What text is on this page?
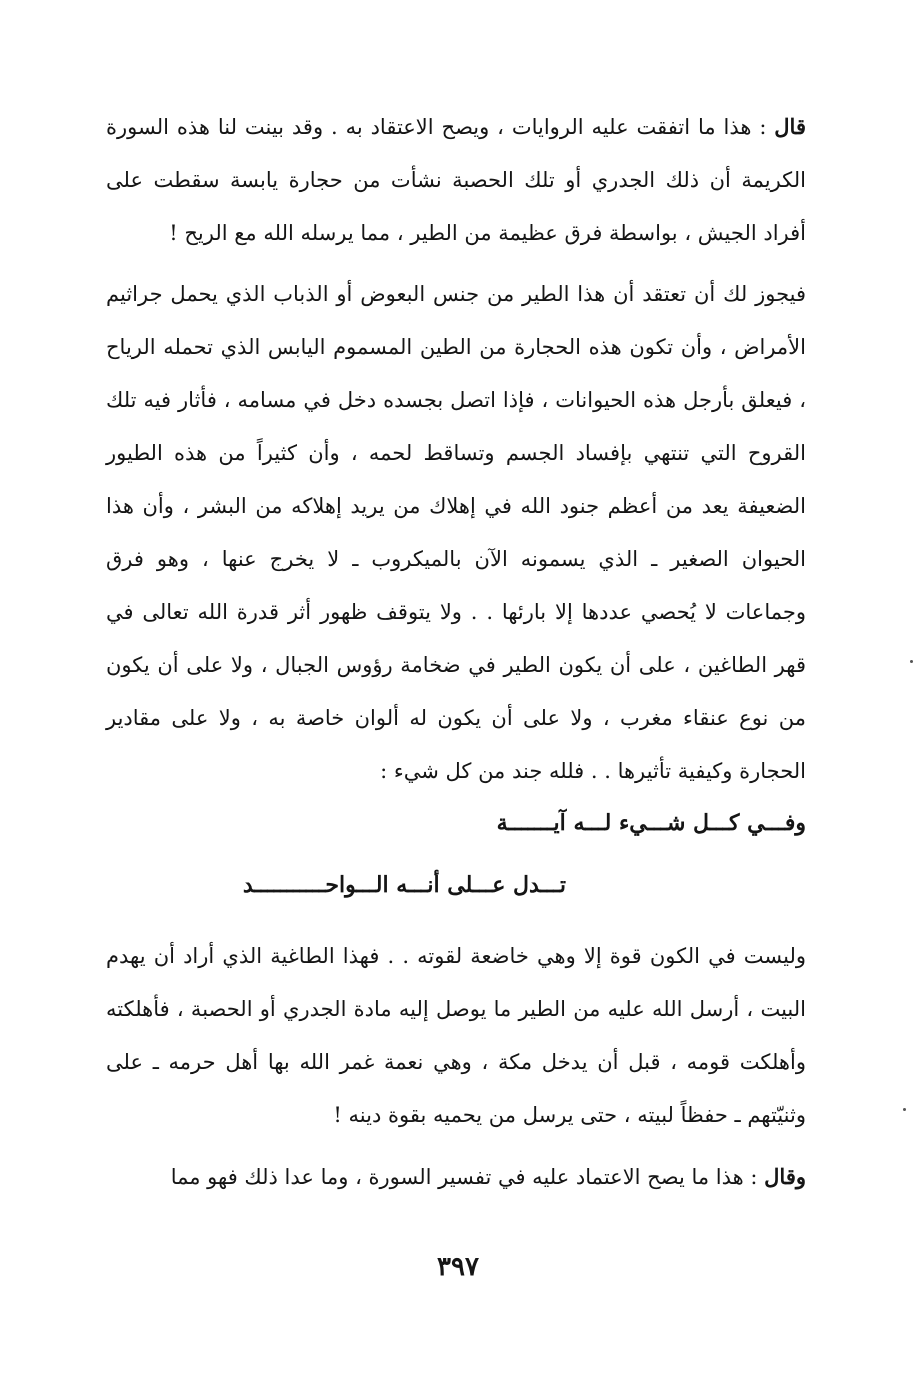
قال : هذا ما اتفقت عليه الروايات ، ويصح الاعتقاد به . وقد بينت لنا هذه السورة الكريمة أن ذلك الجدري أو تلك الحصبة نشأت من حجارة يابسة سقطت على أفراد الجيش ، بواسطة فرق عظيمة من الطير ، مما يرسله الله مع الريح !

فيجوز لك أن تعتقد أن هذا الطير من جنس البعوض أو الذباب الذي يحمل جراثيم الأمراض ، وأن تكون هذه الحجارة من الطين المسموم اليابس الذي تحمله الرياح ، فيعلق بأرجل هذه الحيوانات ، فإذا اتصل بجسده دخل في مسامه ، فأثار فيه تلك القروح التي تنتهي بإفساد الجسم وتساقط لحمه ، وأن كثيراً من هذه الطيور الضعيفة يعد من أعظم جنود الله في إهلاك من يريد إهلاكه من البشر ، وأن هذا الحيوان الصغير ـ الذي يسمونه الآن بالميكروب ـ لا يخرج عنها ، وهو فرق وجماعات لا يُحصي عددها إلا بارئها . . ولا يتوقف ظهور أثر قدرة الله تعالى في قهر الطاغين ، على أن يكون الطير في ضخامة رؤوس الجبال ، ولا على أن يكون من نوع عنقاء مغرب ، ولا على أن يكون له ألوان خاصة به ، ولا على مقادير الحجارة وكيفية تأثيرها . . فلله جند من كل شيء :

وفـــي كـــل شـــيء لـــه آيـــــــة
تـــدل عـــلى أنـــه الـــواحـــــــــــد

وليست في الكون قوة إلا وهي خاضعة لقوته . . فهذا الطاغية الذي أراد أن يهدم البيت ، أرسل الله عليه من الطير ما يوصل إليه مادة الجدري أو الحصبة ، فأهلكته وأهلكت قومه ، قبل أن يدخل مكة ، وهي نعمة غمر الله بها أهل حرمه ـ على وثنيّتهم ـ حفظاً لبيته ، حتى يرسل من يحميه بقوة دينه !

وقال : هذا ما يصح الاعتماد عليه في تفسير السورة ، وما عدا ذلك فهو مما

٣٩٧
